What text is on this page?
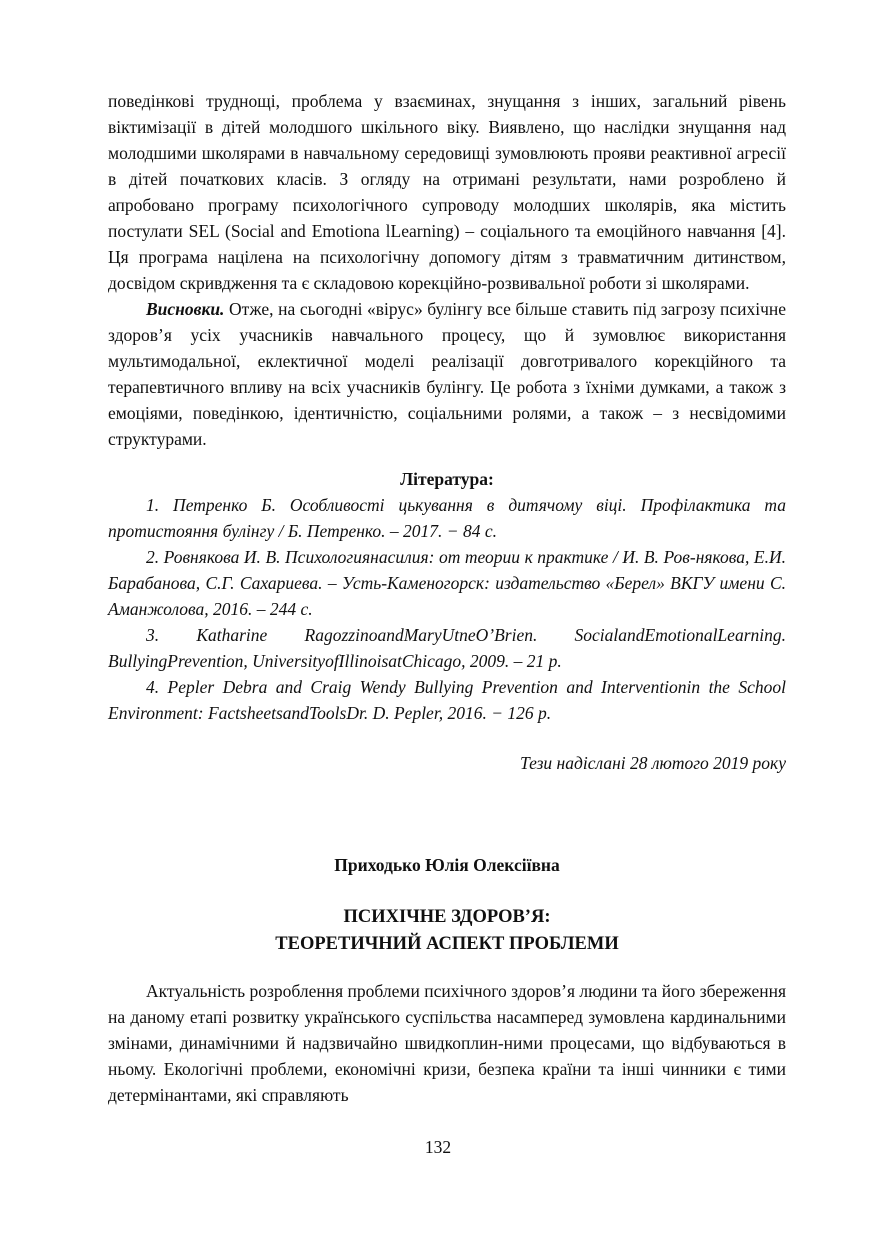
поведінкові труднощі, проблема у взаєминах, знущання з інших, загальний рівень віктимізації в дітей молодшого шкільного віку. Виявлено, що наслідки знущання над молодшими школярами в навчальному середовищі зумовлюють прояви реактивної агресії в дітей початкових класів. З огляду на отримані результати, нами розроблено й апробовано програму психологічного супроводу молодших школярів, яка містить постулати SEL (Social and Emotiona lLearning) – соціального та емоційного навчання [4]. Ця програма націлена на психологічну допомогу дітям з травматичним дитинством, досвідом скривдження та є складовою корекційно-розвивальної роботи зі школярами.

Висновки. Отже, на сьогодні «вірус» булінгу все більше ставить під загрозу психічне здоров’я усіх учасників навчального процесу, що й зумовлює використання мультимодальної, еклектичної моделі реалізації довготривалого корекційного та терапевтичного впливу на всіх учасників булінгу. Це робота з їхніми думками, а також з емоціями, поведінкою, ідентичністю, соціальними ролями, а також – з несвідомими структурами.

Література:

1. Петренко Б. Особливості цькування в дитячому віці. Профілактика та протистояння булінгу / Б. Петренко. – 2017. − 84 с.

2. Ровнякова И. В. Психологиянасилия: от теории к практике / И. В. Ров-някова, Е.И. Барабанова, С.Г. Сахариева. – Усть-Каменогорск: издательство «Берел» ВКГУ имени С. Аманжолова, 2016. – 244 с.

3. Katharine RagozzinoandMaryUtneO’Brien. SocialandEmotionalLearning. BullyingPrevention, UniversityofIllinoisatChicago, 2009. – 21 p.

4. Pepler Debra and Craig Wendy Bullying Prevention and Interventionin the School Environment: FactsheetsandToolsDr. D. Pepler, 2016. − 126 p.

Тези надіслані 28 лютого 2019 року

Приходько Юлія Олексіївна

ПСИХІЧНЕ ЗДОРОВ’Я:
ТЕОРЕТИЧНИЙ АСПЕКТ ПРОБЛЕМИ

Актуальність розроблення проблеми психічного здоров’я людини та його збереження на даному етапі розвитку українського суспільства насамперед зумовлена кардинальними змінами, динамічними й надзвичайно швидкоплин-ними процесами, що відбуваються в ньому. Екологічні проблеми, економічні кризи, безпека країни та інші чинники є тими детермінантами, які справляють

132
